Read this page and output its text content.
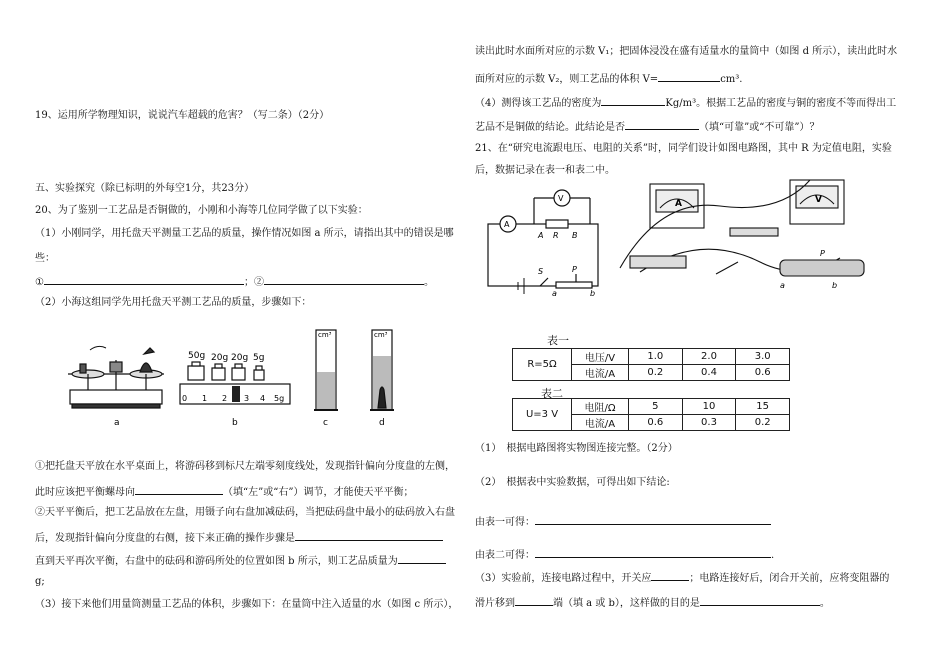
19、运用所学物理知识，说说汽车超载的危害？（写二条）（2分）
五、实验探究（除已标明的外每空1分，共23分）
20、为了鉴别一工艺品是否铜做的，小刚和小海等几位同学做了以下实验：
（1）小刚同学，用托盘天平测量工艺品的质量，操作情况如图 a 所示，请指出其中的错误是哪
些：
①	；②	。
（2）小海这组同学先用托盘天平测工艺品的质量，步骤如下：
50g 20g 20g 5g
0 1 2 3 4 5g
cm³	cm³
a	b	c	d
①把托盘天平放在水平桌面上，将游码移到标尺左端零刻度线处，发现指针偏向分度盘的左侧，
此时应该把平衡螺母向	（填“左”或“右”）调节，才能使天平平衡；
②天平平衡后，把工艺品放在左盘，用镊子向右盘加减砝码，当把砝码盘中最小的砝码放入右盘
后，发现指针偏向分度盘的右侧，接下来正确的操作步骤是
直到天平再次平衡，右盘中的砝码和游码所处的位置如图 b 所示，则工艺品质量为
g;
（3）接下来他们用量筒测量工艺品的体积，步骤如下：在量筒中注入适量的水（如图 c 所示），
读出此时水面所对应的示数 V₁；把固体浸没在盛有适量水的量筒中（如图 d 所示），读出此时水
面所对应的示数 V₂，则工艺品的体积 V=	cm³.
（4）测得该工艺品的密度为	Kg/m³。根据工艺品的密度与铜的密度不等而得出工
艺品不是铜做的结论。此结论是否	（填“可靠”或“不可靠”）？
21、在“研究电流跟电压、电阻的关系”时，同学们设计如图电路图，其中 R 为定值电阻，实验
后，数据记录在表一和表二中。
A
V
A R B
S	P
a	b
A	V
a	b
P
表一
R=5Ω	电压/V	1.0	2.0	3.0
	电流/A	0.2	0.4	0.6
表二
U=3 V	电阻/Ω	5	10	15
	电流/A	0.6	0.3	0.2
（1）　根据电路图将实物图连接完整。（2分）
（2）　根据表中实验数据，可得出如下结论:
由表一可得：
由表二可得：	.
（3）实验前，连接电路过程中，开关应	；电路连接好后，闭合开关前，应将变阻器的
滑片移到	端（填 a 或 b），这样做的目的是	。
